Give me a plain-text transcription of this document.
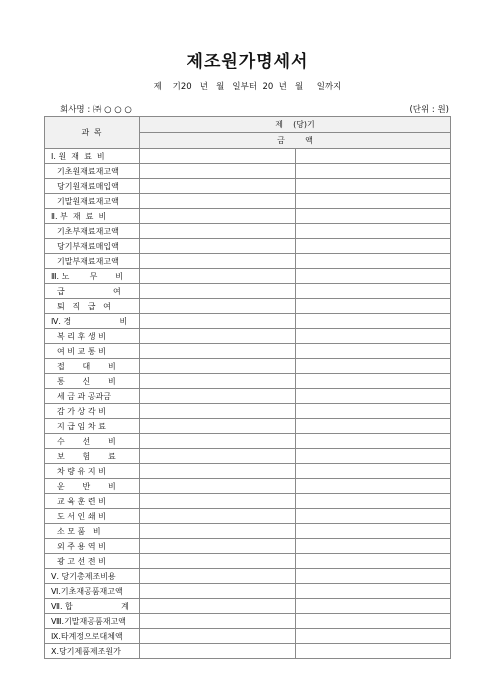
제조원가명세서
제    기20   년   월   일부터  20  년   월     일까지
회사명 : ㈜ ○ ○ ○	(단위 : 원)
과 목	제    (당)기	
	금        액	
Ⅰ. 원  재  료  비		
기초원재료재고액		
당기원재료매입액		
기말원재료재고액		
Ⅱ. 부  재  료  비		
기초부재료재고액		
당기부재료매입액		
기말부재료재고액		
Ⅲ. 노        무       비		
급                   여		
퇴   직   급   여		
Ⅳ. 경                   비		
복 리 후 생 비		
여 비 교 통 비		
접       대       비		
통       신       비		
세 금 과 공과금		
감 가 상 각 비		
지 급 임 차 료		
수       선       비		
보       험       료		
차 량 유 지 비		
운       반       비		
교 육 훈 련 비		
도 서 인 쇄 비		
소 모 품   비		
외 주 용 역 비		
광 고 선 전 비		
Ⅴ. 당기총제조비용		
Ⅵ.기초재공품재고액		
Ⅶ. 합                   계		
Ⅷ.기말재공품재고액		
Ⅸ.타계정으로대체액		
Ⅹ.당기제품제조원가		
